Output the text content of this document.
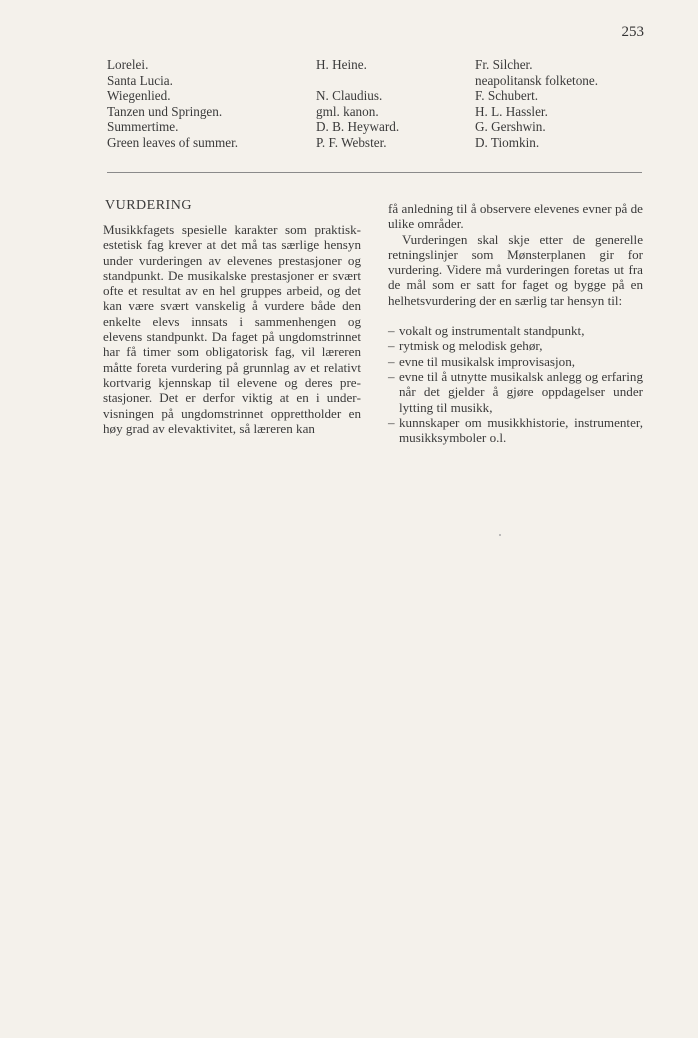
253
Lorelei.
Santa Lucia.
Wiegenlied.
Tanzen und Springen.
Summertime.
Green leaves of summer.
H. Heine.
N. Claudius.
gml. kanon.
D. B. Heyward.
P. F. Webster.
Fr. Silcher.
neapolitansk folketone.
F. Schubert.
H. L. Hassler.
G. Gershwin.
D. Tiomkin.
VURDERING

Musikkfagets spesielle karakter som praktisk-estetisk fag krever at det må tas særlige hensyn under vurderingen av elevenes prestasjoner og standpunkt. De musikalske prestasjoner er svært ofte et resultat av en hel gruppes arbeid, og det kan være svært vanskelig å vurdere både den enkelte elevs innsats i sammenhengen og elevens standpunkt. Da faget på ungdomstrinnet har få timer som obligatorisk fag, vil læreren måtte foreta vurdering på grunnlag av et relativt kortvarig kjennskap til elevene og deres prestasjoner. Det er derfor viktig at en i undervisningen på ungdomstrinnet opprettholder en høy grad av elevaktivitet, så læreren kan

få anledning til å observere elevenes evner på de ulike områder.

Vurderingen skal skje etter de generelle retningslinjer som Mønsterplanen gir for vurdering. Videre må vurderingen foretas ut fra de mål som er satt for faget og bygge på en helhetsvurdering der en særlig tar hensyn til:

– vokalt og instrumentalt standpunkt,
– rytmisk og melodisk gehør,
– evne til musikalsk improvisasjon,
– evne til å utnytte musikalsk anlegg og erfaring når det gjelder å gjøre oppdagelser under lytting til musikk,
– kunnskaper om musikkhistorie, instrumenter, musikksymboler o.l.
